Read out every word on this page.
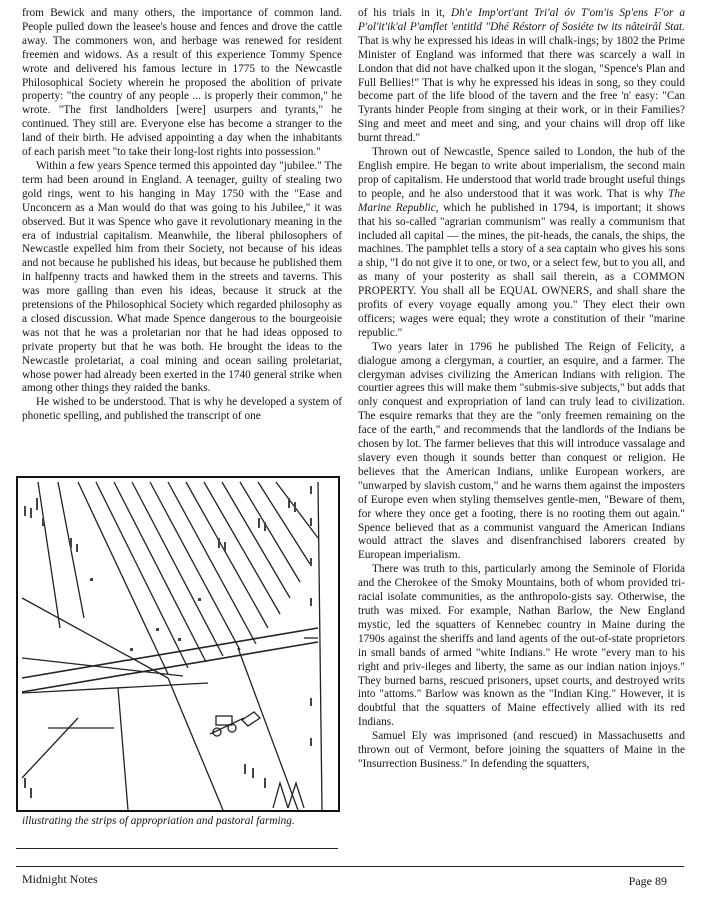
from Bewick and many others, the importance of common land. People pulled down the leasee's house and fences and drove the cattle away. The commoners won, and herbage was renewed for resident freemen and widows. As a result of this experience Tommy Spence wrote and delivered his famous lecture in 1775 to the Newcastle Philosophical Society wherein he proposed the abolition of private property: "the country of any people ... is properly their common," he wrote. "The first landholders [were] usurpers and tyrants," he continued. They still are. Everyone else has become a stranger to the land of their birth. He advised appointing a day when the inhabitants of each parish meet "to take their long-lost rights into possession."

Within a few years Spence termed this appointed day "jubilee." The term had been around in England. A teenager, guilty of stealing two gold rings, went to his hanging in May 1750 with the "Ease and Unconcern as a Man would do that was going to his Jubilee," it was observed. But it was Spence who gave it revolutionary meaning in the era of industrial capitalism. Meanwhile, the liberal philosophers of Newcastle expelled him from their Society, not because of his ideas and not because he published his ideas, but because he published them in halfpenny tracts and hawked them in the streets and taverns. This was more galling than even his ideas, because it struck at the pretensions of the Philosophical Society which regarded philosophy as a closed discussion. What made Spence dangerous to the bourgeoisie was not that he was a proletarian nor that he had ideas opposed to private property but that he was both. He brought the ideas to the Newcastle proletariat, a coal mining and ocean sailing proletariat, whose power had already been exerted in the 1740 general strike when among other things they raided the banks.

He wished to be understood. That is why he developed a system of phonetic spelling, and published the transcript of one

illustrating the strips of appropriation and pastoral farming.

of his trials in it, Dh'e Imp'ort'ant Tri'al óv T'om'is Sp'ens F'or a P'ol'it'ik'al P'amflet 'entitld "Dhé Réstorr of Sosiéte tw its nâteirâl Stat. That is why he expressed his ideas in will chalk-ings; by 1802 the Prime Minister of England was informed that there was scarcely a wall in London that did not have chalked upon it the slogan, "Spence's Plan and Full Bellies!" That is why he expressed his ideas in song, so they could become part of the life blood of the tavern and the free 'n' easy: "Can Tyrants hinder People from singing at their work, or in their Families? Sing and meet and meet and sing, and your chains will drop off like burnt thread."

Thrown out of Newcastle, Spence sailed to London, the hub of the English empire. He began to write about imperialism, the second main prop of capitalism. He understood that world trade brought useful things to people, and he also understood that it was work. That is why The Marine Republic, which he published in 1794, is important; it shows that his so-called "agrarian communism" was really a communism that included all capital — the mines, the pit-heads, the canals, the ships, the machines. The pamphlet tells a story of a sea captain who gives his sons a ship, "I do not give it to one, or two, or a select few, but to you all, and as many of your posterity as shall sail therein, as a COMMON PROPERTY. You shall all be EQUAL OWNERS, and shall share the profits of every voyage equally among you." They elect their own officers; wages were equal; they wrote a constitution of their "marine republic."

Two years later in 1796 he published The Reign of Felicity, a dialogue among a clergyman, a courtier, an esquire, and a farmer. The clergyman advises civilizing the American Indians with religion. The courtier agrees this will make them "submis-sive subjects," but adds that only conquest and expropriation of land can truly lead to civilization. The esquire remarks that they are the "only freemen remaining on the face of the earth," and recommends that the landlords of the Indians be chosen by lot. The farmer believes that this will introduce vassalage and slavery even though it sounds better than conquest or religion. He believes that the American Indians, unlike European workers, are "unwarped by slavish custom," and he warns them against the imposters of Europe even when styling themselves gentle-men, "Beware of them, for where they once get a footing, there is no rooting them out again." Spence believed that as a communist vanguard the American Indians would attract the slaves and disenfranchised laborers created by European imperialism.

There was truth to this, particularly among the Seminole of Florida and the Cherokee of the Smoky Mountains, both of whom provided tri-racial isolate communities, as the anthropolo-gists say. Otherwise, the truth was mixed. For example, Nathan Barlow, the New England mystic, led the squatters of Kennebec country in Maine during the 1790s against the sheriffs and land agents of the out-of-state proprietors in small bands of armed "white Indians." He wrote "every man to his right and priv-ileges and liberty, the same as our indian nation injoys." They burned barns, rescued prisoners, upset courts, and destroyed writs into "attoms." Barlow was known as the "Indian King." However, it is doubtful that the squatters of Maine effectively allied with its red Indians.

Samuel Ely was imprisoned (and rescued) in Massachusetts and thrown out of Vermont, before joining the squatters of Maine in the "Insurrection Business." In defending the squatters,

Midnight Notes	Page 89
